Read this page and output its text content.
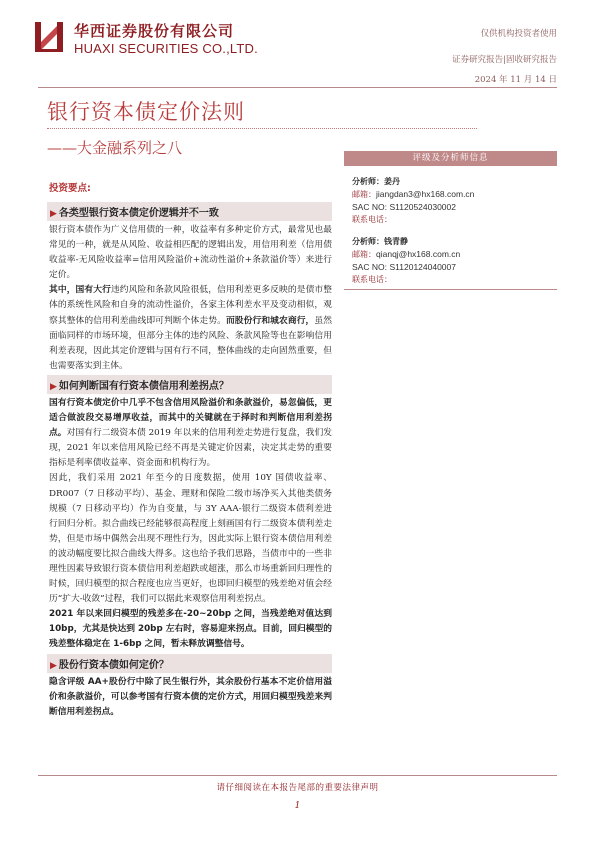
华西证券股份有限公司
HUAXI SECURITIES CO.,LTD.
仅供机构投资者使用
证券研究报告|固收研究报告
2024 年 11 月 14 日
银行资本债定价法则
——大金融系列之八
投资要点:
▶ 各类型银行资本债定价逻辑并不一致

银行资本债作为广义信用债的一种，收益率有多种定价方式，最常见也最常见的一种，就是从风险、收益相匹配的逻辑出发，用信用利差（信用债收益率-无风险收益率=信用风险溢价+流动性溢价+条款溢价等）来进行定价。

其中，国有大行违约风险和条款风险很低，信用利差更多反映的是债市整体的系统性风险和自身的流动性溢价，各家主体利差水平及变动相似，观察其整体的信用利差曲线即可判断个体走势。而股份行和城农商行，虽然面临同样的市场环境，但部分主体的违约风险、条款风险等也在影响信用利差表现，因此其定价逻辑与国有行不同，整体曲线的走向固然重要，但也需要落实到主体。

▶ 如何判断国有行资本债信用利差拐点？

国有行资本债定价中几乎不包含信用风险溢价和条款溢价，易忽偏低，更适合做波段交易增厚收益，而其中的关键就在于择时和判断信用利差拐点。对国有行二级资本债 2019 年以来的信用利差走势进行复盘，我们发现，2021 年以来信用风险已经不再是关键定价因素，决定其走势的重要指标是利率债收益率、资金面和机构行为。

因此，我们采用 2021 年至今的日度数据，使用 10Y 国债收益率、DR007（7 日移动平均）、基金、理财和保险二级市场净买入其他类债务规模（7 日移动平均）作为自变量，与 3Y AAA-银行二级资本债利差进行回归分析。拟合曲线已经能够很高程度上刻画国有行二级资本债利差走势，但是市场中偶然会出现不理性行为，因此实际上银行资本债信用利差的波动幅度要比拟合曲线大得多。这也给予我们思路，当债市中的一些非理性因素导致银行资本债信用利差超跌或超涨，那么市场重新回归理性的时候，回归模型的拟合程度也应当更好，也即回归模型的残差绝对值会经历“扩大-收敛”过程，我们可以据此来观察信用利差拐点。

2021 年以来回归模型的残差多在-20~20bp 之间，当残差绝对值达到 10bp，尤其是快达到 20bp 左右时，容易迎来拐点。目前，回归模型的残差整体稳定在 1-6bp 之间，暂未释放调整信号。

▶ 股份行资本债如何定价？

隐含评级 AA+股份行中除了民生银行外，其余股份行基本不定价信用溢价和条款溢价，可以参考国有行资本债的定价方式，用回归模型残差来判断信用利差拐点。

评级及分析师信息
分析师：姜丹
邮箱：jiangdan3@hx168.com.cn
SAC NO: S1120524030002
联系电话：
分析师：钱青静
邮箱：qianqj@hx168.com.cn
SAC NO: S1120124040007
联系电话：
请仔细阅读在本报告尾部的重要法律声明
1
